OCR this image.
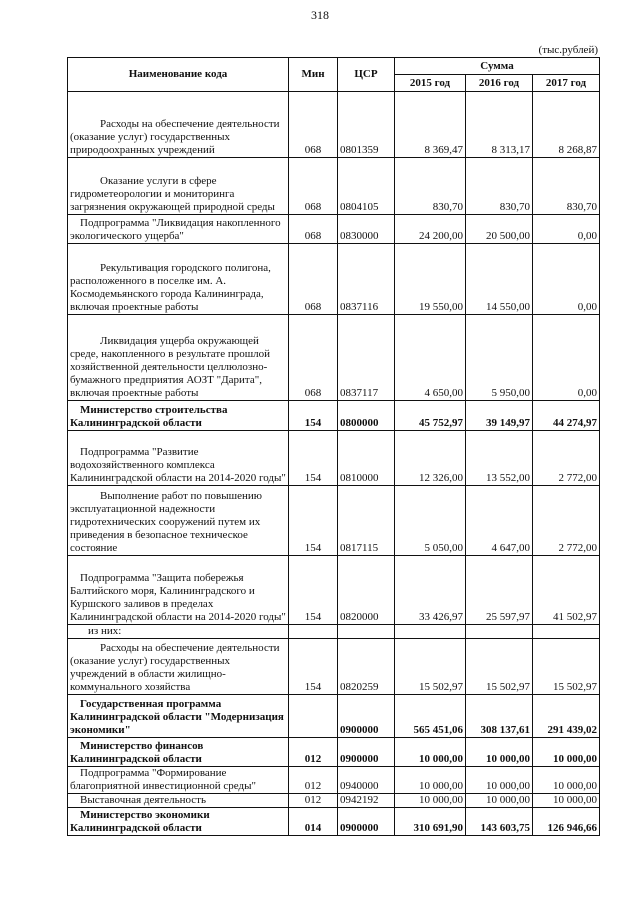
318
(тыс.рублей)
Наименование кода	Мин	ЦСР	Сумма		
			2015 год	2016 год	2017 год

Расходы на обеспечение деятельности (оказание услуг) государственных природоохранных учреждений	068	0801359	8 369,47	8 313,17	8 268,87

Оказание услуги в сфере гидрометеорологии и мониторинга загрязнения окружающей природной среды	068	0804105	830,70	830,70	830,70

Подпрограмма "Ликвидация накопленного экологического ущерба"	068	0830000	24 200,00	20 500,00	0,00

Рекультивация городского полигона, расположенного в поселке им. А. Космодемьянского города Калининграда, включая проектные работы	068	0837116	19 550,00	14 550,00	0,00

Ликвидация ущерба окружающей среде, накопленного в результате прошлой хозяйственной деятельности целлюлозно-бумажного предприятия АОЗТ "Дарита", включая проектные работы	068	0837117	4 650,00	5 950,00	0,00

Министерство строительства Калининградской области	154	0800000	45 752,97	39 149,97	44 274,97

Подпрограмма "Развитие водохозяйственного комплекса Калининградской области на 2014-2020 годы"	154	0810000	12 326,00	13 552,00	2 772,00

Выполнение работ по повышению эксплуатационной надежности гидротехнических сооружений путем их приведения в безопасное техническое состояние	154	0817115	5 050,00	4 647,00	2 772,00

Подпрограмма "Защита побережья Балтийского моря, Калининградского и Куршского заливов в пределах Калининградской области на 2014-2020 годы"	154	0820000	33 426,97	25 597,97	41 502,97

из них:					

Расходы на обеспечение деятельности (оказание услуг) государственных учреждений в области жилищно-коммунального хозяйства	154	0820259	15 502,97	15 502,97	15 502,97

Государственная программа Калининградской области "Модернизация экономики"		0900000	565 451,06	308 137,61	291 439,02

Министерство финансов Калининградской области	012	0900000	10 000,00	10 000,00	10 000,00

Подпрограмма "Формирование благоприятной инвестиционной среды"	012	0940000	10 000,00	10 000,00	10 000,00

Выставочная деятельность	012	0942192	10 000,00	10 000,00	10 000,00

Министерство экономики Калининградской области	014	0900000	310 691,90	143 603,75	126 946,66
